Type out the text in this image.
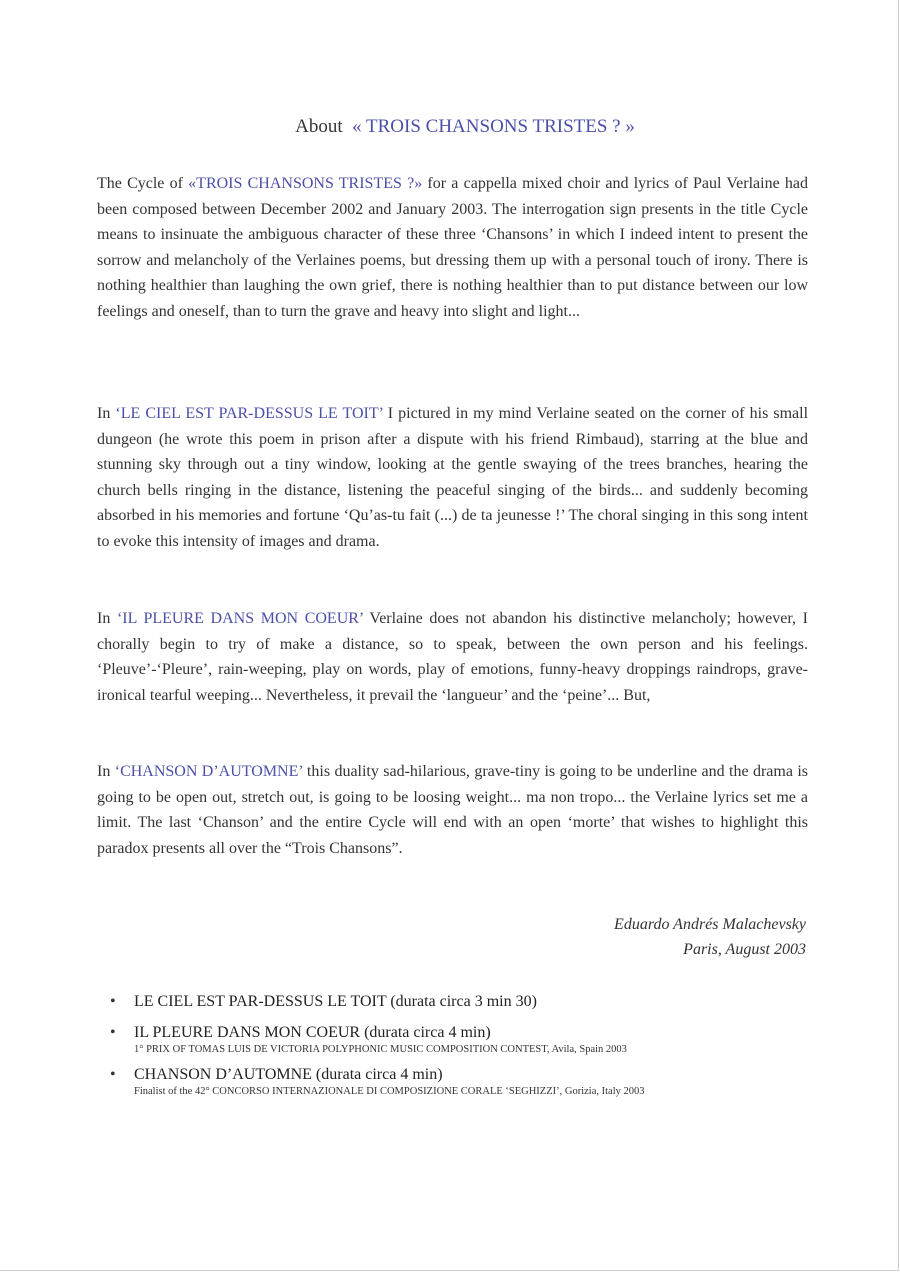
About « TROIS CHANSONS TRISTES ? »

The Cycle of «TROIS CHANSONS TRISTES ?» for a cappella mixed choir and lyrics of Paul Verlaine had been composed between December 2002 and January 2003. The interrogation sign presents in the title Cycle means to insinuate the ambiguous character of these three ‘Chansons’ in which I indeed intent to present the sorrow and melancholy of the Verlaines poems, but dressing them up with a personal touch of irony. There is nothing healthier than laughing the own grief, there is nothing healthier than to put distance between our low feelings and oneself, than to turn the grave and heavy into slight and light...

In ‘LE CIEL EST PAR-DESSUS LE TOIT’ I pictured in my mind Verlaine seated on the corner of his small dungeon (he wrote this poem in prison after a dispute with his friend Rimbaud), starring at the blue and stunning sky through out a tiny window, looking at the gentle swaying of the trees branches, hearing the church bells ringing in the distance, listening the peaceful singing of the birds... and suddenly becoming absorbed in his memories and fortune ‘Qu’as-tu fait (...) de ta jeunesse !’ The choral singing in this song intent to evoke this intensity of images and drama.

In ‘IL PLEURE DANS MON COEUR’ Verlaine does not abandon his distinctive melancholy; however, I chorally begin to try of make a distance, so to speak, between the own person and his feelings. ‘Pleuve’-‘Pleure’, rain-weeping, play on words, play of emotions, funny-heavy droppings raindrops, grave-ironical tearful weeping... Nevertheless, it prevail the ‘langueur’ and the ‘peine’... But,

In ‘CHANSON D’AUTOMNE’ this duality sad-hilarious, grave-tiny is going to be underline and the drama is going to be open out, stretch out, is going to be loosing weight... ma non tropo... the Verlaine lyrics set me a limit. The last ‘Chanson’ and the entire Cycle will end with an open ‘morte’ that wishes to highlight this paradox presents all over the “Trois Chansons”.

Eduardo Andrés Malachevsky
Paris, August 2003
• LE CIEL EST PAR-DESSUS LE TOIT (durata circa 3 min 30)
• IL PLEURE DANS MON COEUR (durata circa 4 min)
1° PRIX OF TOMAS LUIS DE VICTORIA POLYPHONIC MUSIC COMPOSITION CONTEST, Avila, Spain 2003
• CHANSON D’AUTOMNE (durata circa 4 min)
Finalist of the 42° CONCORSO INTERNAZIONALE DI COMPOSIZIONE CORALE ‘SEGHIZZI’, Gorizia, Italy 2003
